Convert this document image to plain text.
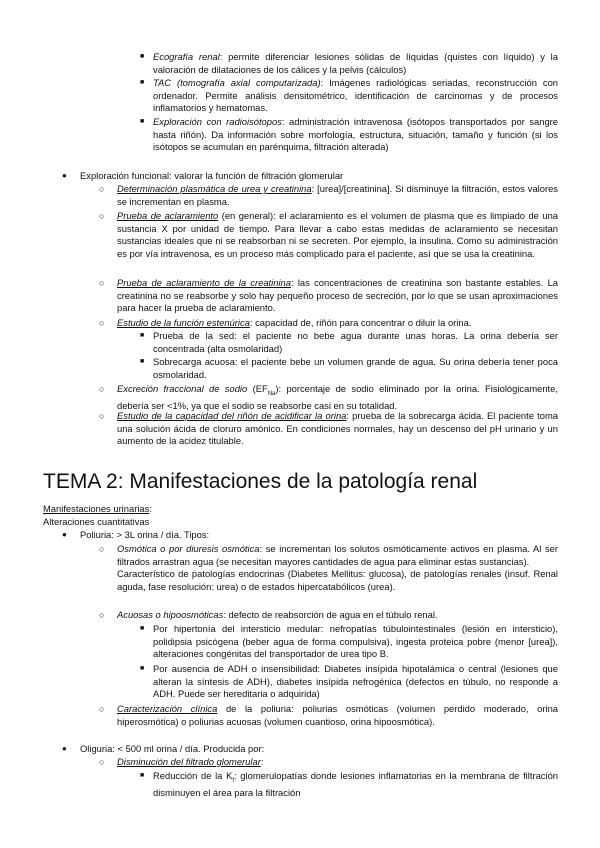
■ Ecografía renal: permite diferenciar lesiones sólidas de líquidas (quistes con líquido) y la valoración de dilataciones de los cálices y la pelvis (cálculos)

■ TAC (tomografía axial computarizada): Imágenes radiológicas seriadas, reconstrucción con ordenador. Permite análisis densitométrico, identificación de carcinomas y de procesos inflamatorios y hematomas.

■ Exploración con radioisótopos: administración intravenosa (isótopos transportados por sangre hasta riñón). Da información sobre morfología, estructura, situación, tamaño y función (si los isótopos se acumulan en parénquima, filtración alterada)

● Exploración funcional: valorar la función de filtración glomerular

○ Determinación plasmática de urea y creatinina: [urea]/[creatinina]. Si disminuye la filtración, estos valores se incrementan en plasma.

○ Prueba de aclaramiento (en general): el aclaramiento es el volumen de plasma que es limpiado de una sustancia X por unidad de tiempo. Para llevar a cabo estas medidas de aclaramiento se necesitan sustancias ideales que ni se reabsorban ni se secreten. Por ejemplo, la insulina. Como su administración es por vía intravenosa, es un proceso más complicado para el paciente, así que se usa la creatinina.

○ Prueba de aclaramiento de la creatinina: las concentraciones de creatinina son bastante estables. La creatinina no se reabsorbe y solo hay pequeño proceso de secreción, por lo que se usan aproximaciones para hacer la prueba de aclaramiento.

○ Estudio de la función estenúrica: capacidad de, riñón para concentrar o diluir la orina.

■ Prueba de la sed: el paciente no bebe agua durante unas horas. La orina debería ser concentrada (alta osmolaridad)

■ Sobrecarga acuosa: el paciente bebe un volumen grande de agua. Su orina debería tener poca osmolaridad.

○ Excreción fraccional de sodio $(EF_{Na})$: porcentaje de sodio eliminado por la orina. Fisiológicamente, debería ser <1%, ya que el sodio se reabsorbe casi en su totalidad.

○ Estudio de la capacidad del riñón de acidificar la orina: prueba de la sobrecarga ácida. El paciente toma una solución ácida de cloruro amónico. En condiciones normales, hay un descenso del pH urinario y un aumento de la acidez titulable.

TEMA 2: Manifestaciones de la patología renal

Manifestaciones urinarias:

Alteraciones cuantitativas

● Poliuria: > 3L orina / día. Tipos:

○ Osmótica o por diuresis osmótica: se incrementan los solutos osmóticamente activos en plasma. Al ser filtrados arrastran agua (se necesitan mayores cantidades de agua para eliminar estas sustancias).

Característico de patologías endocrinas (Diabetes Mellitus: glucosa), de patologías renales (insuf. Renal aguda, fase resolución: urea) o de estados hipercatabólicos (urea).

○ Acuosas o hipoosmóticas: defecto de reabsorción de agua en el túbulo renal.

■ Por hipertonía del intersticio medular: nefropatías túbulointestinales (lesión en intersticio), polidipsia psicógena (beber agua de forma compulsiva), ingesta proteica pobre (menor [urea]), alteraciones congénitas del transportador de urea tipo B.

■ Por ausencia de ADH o insensibilidad: Diabetes insípida hipotalámica o central (lesiones que alteran la síntesis de ADH), diabetes insípida nefrogénica (defectos en túbulo, no responde a ADH. Puede ser hereditaria o adquirida)

○ Caracterización clínica de la poliuria: poliurias osmóticas (volumen perdido moderado, orina hiperosmótica) o poliurias acuosas (volumen cuantioso, orina hipoosmótica).

● Oliguria: < 500 ml orina / día. Producida por:

○ Disminución del filtrado glomerular:

■ Reducción de la $K_f$: glomerulopatías donde lesiones inflamatorias en la membrana de filtración disminuyen el área para la filtración
